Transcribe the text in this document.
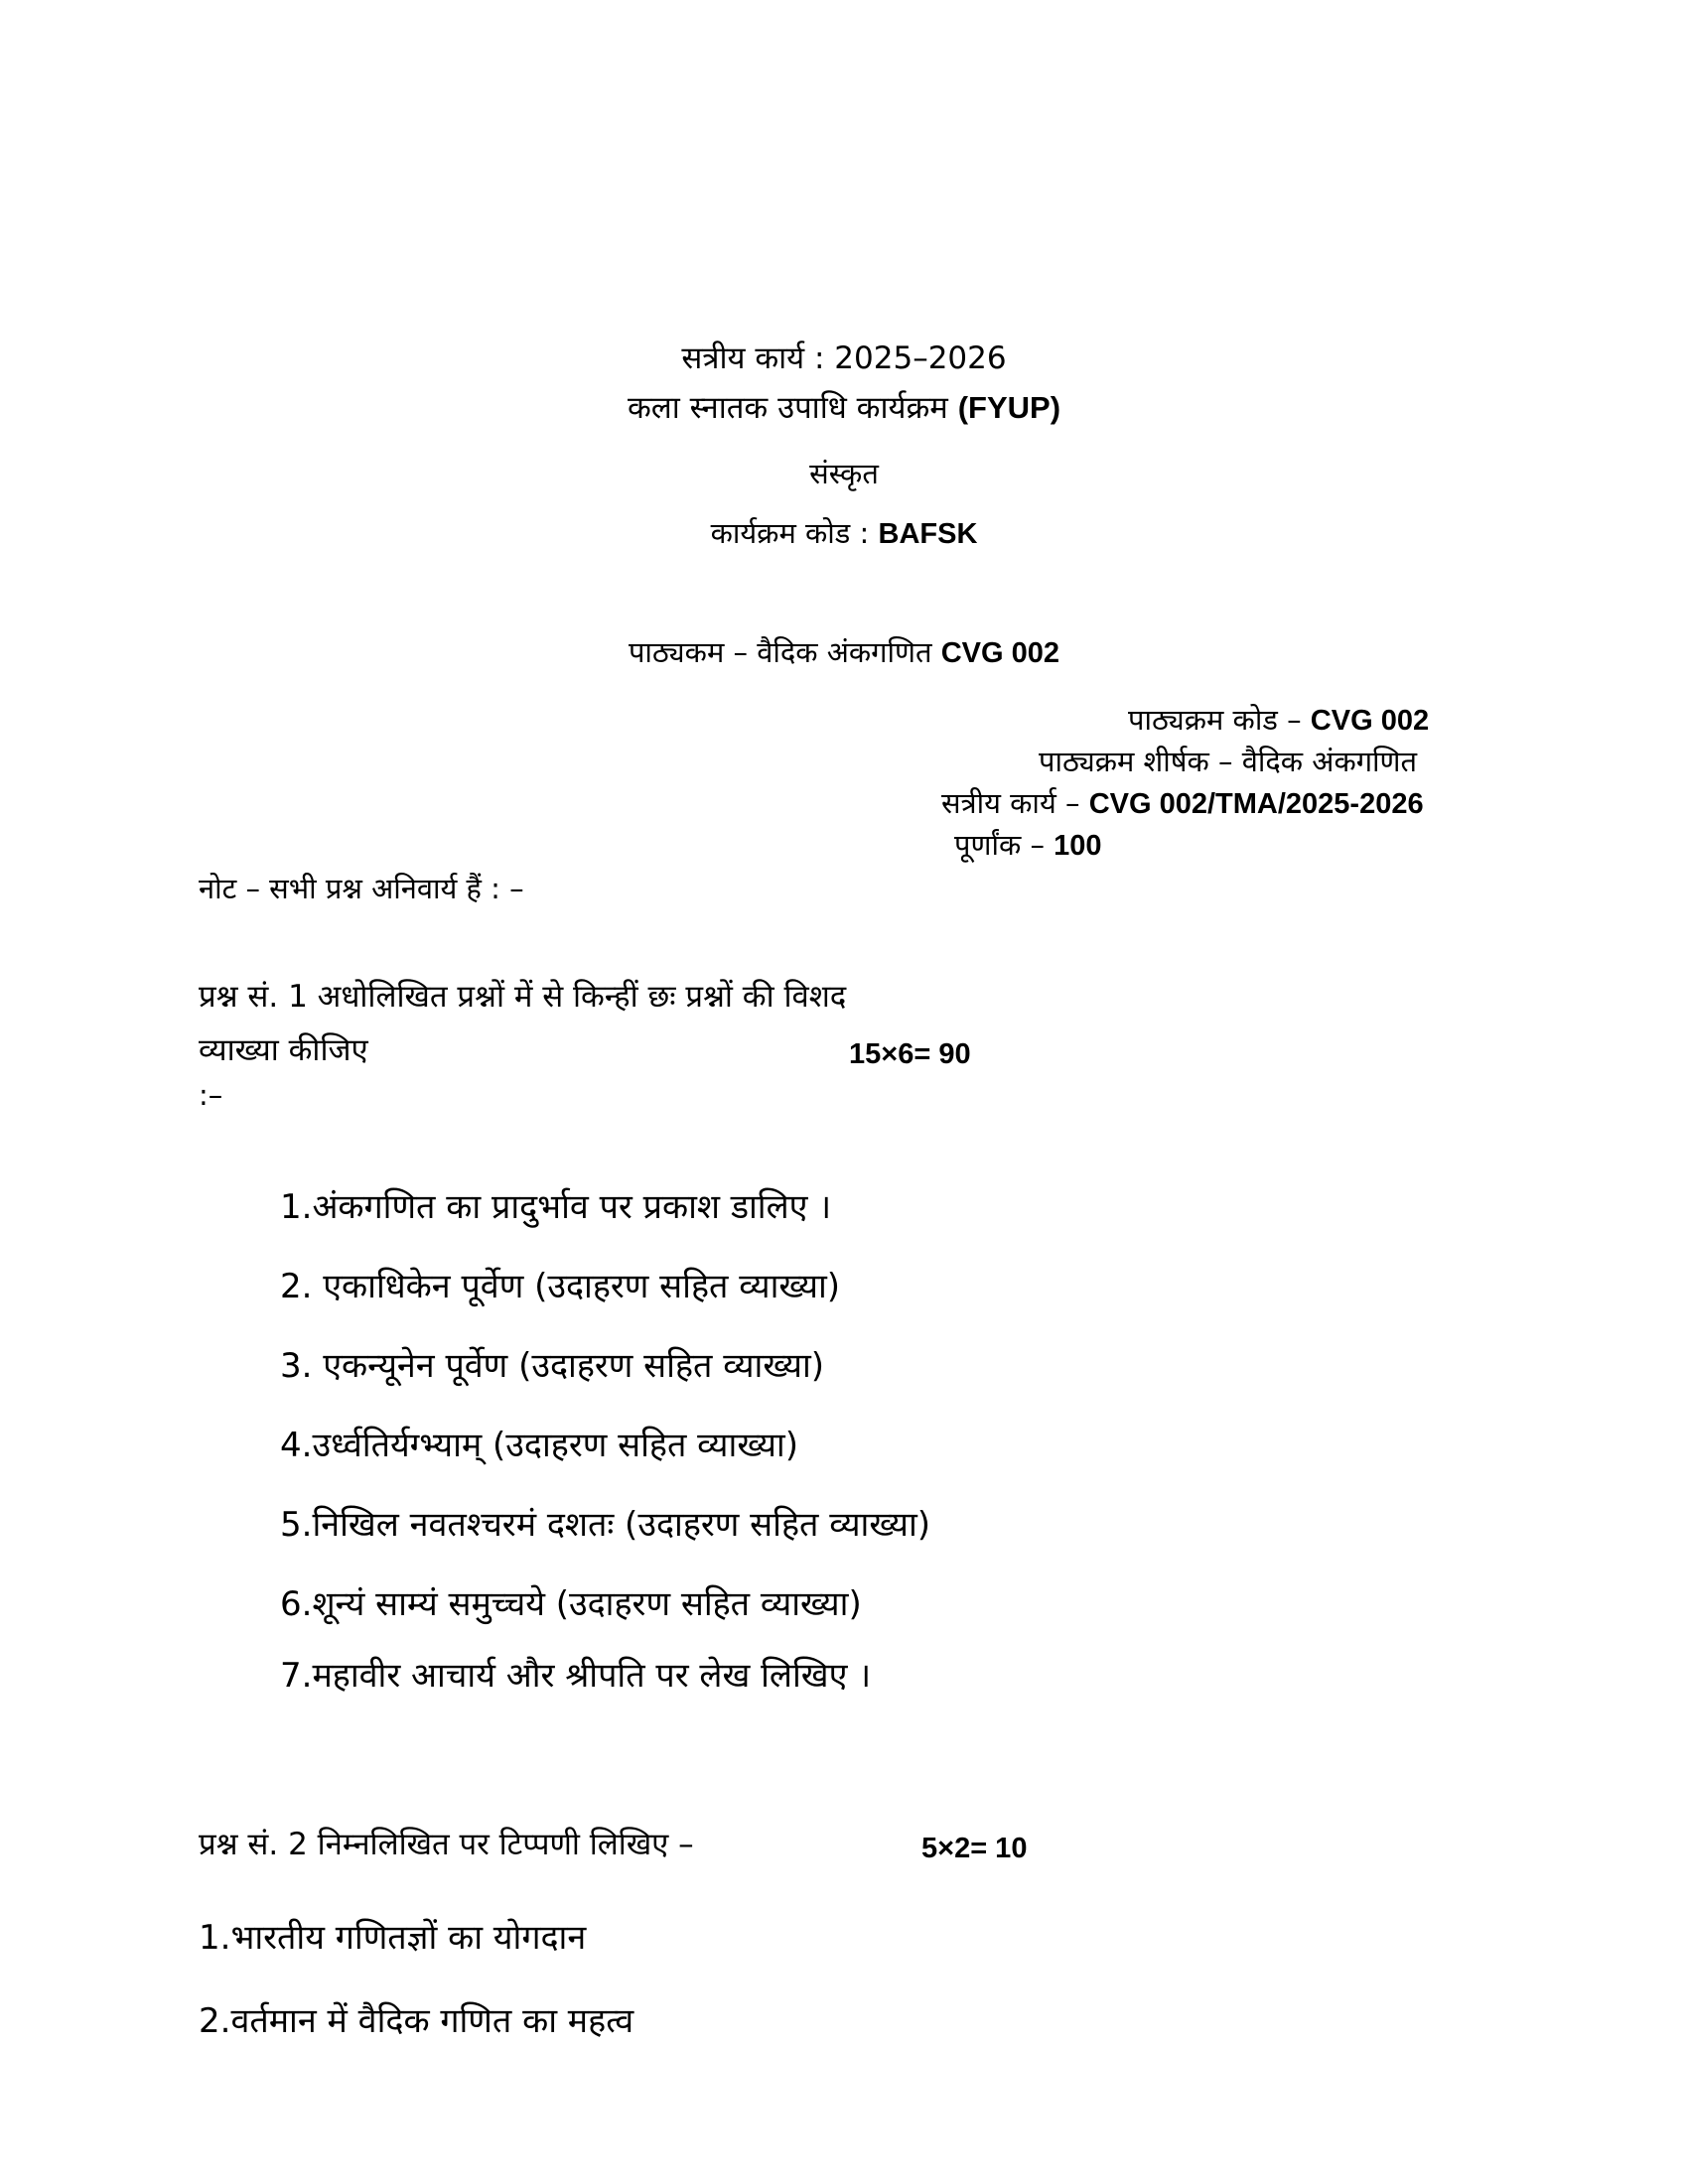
सत्रीय कार्य : 2025–2026
कला स्नातक उपाधि कार्यक्रम (FYUP)
संस्कृत
कार्यक्रम कोड : BAFSK
पाठ्यकम – वैदिक अंकगणित CVG 002
पाठ्यक्रम कोड – CVG 002
पाठ्यक्रम शीर्षक – वैदिक अंकगणित
सत्रीय कार्य – CVG 002/TMA/2025-2026
पूर्णांक – 100
नोट – सभी प्रश्न अनिवार्य हैं : –
प्रश्न सं. 1 अधोलिखित प्रश्नों में से किन्हीं छः प्रश्नों की विशद
व्याख्या कीजिए	15×6= 90
:–
1.अंकगणित का प्रादुर्भाव पर प्रकाश डालिए ।
2. एकाधिकेन पूर्वेण (उदाहरण सहित व्याख्या)
3. एकन्यूनेन पूर्वेण (उदाहरण सहित व्याख्या)
4.उर्ध्वतिर्यग्भ्याम् (उदाहरण सहित व्याख्या)
5.निखिल नवतश्चरमं दशतः (उदाहरण सहित व्याख्या)
6.शून्यं साम्यं समुच्चये (उदाहरण सहित व्याख्या)
7.महावीर आचार्य और श्रीपति पर लेख लिखिए ।
प्रश्न सं. 2 निम्नलिखित पर टिप्पणी लिखिए –	5×2= 10
1.भारतीय गणितज्ञों का योगदान
2.वर्तमान में वैदिक गणित का महत्व
